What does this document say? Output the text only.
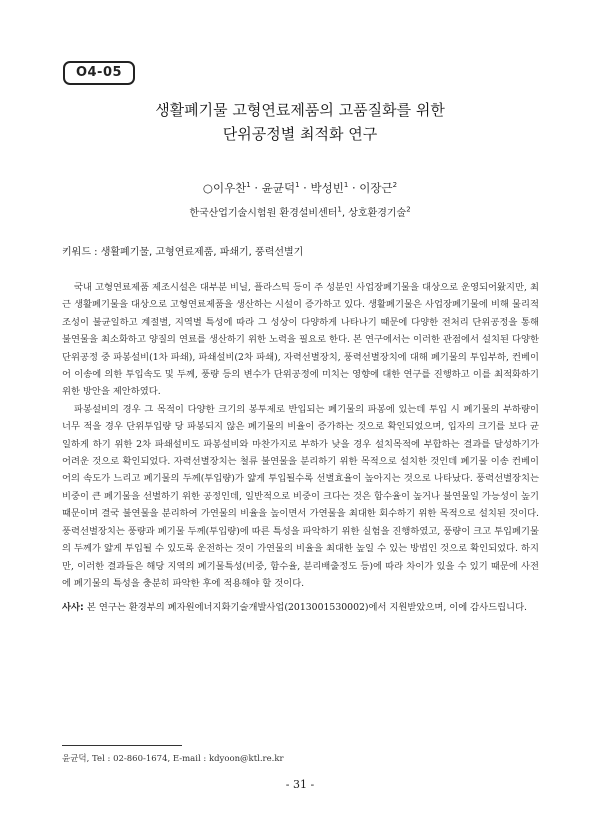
O4-05
생활폐기물 고형연료제품의 고품질화를 위한
단위공정별 최적화 연구
○이우찬$^1$ · 윤균덕$^1$ · 박성빈$^1$ · 이장근$^2$
한국산업기술시험원 환경설비센터$^1$, 상호환경기술$^2$
키워드 : 생활폐기물, 고형연료제품, 파쇄기, 풍력선별기

국내 고형연료제품 제조시설은 대부분 비닐, 플라스틱 등이 주 성분인 사업장폐기물을 대상으로 운영되어왔지만, 최근 생활폐기물을 대상으로 고형연료제품을 생산하는 시설이 증가하고 있다. 생활폐기물은 사업장폐기물에 비해 물리적 조성이 불균일하고 계절별, 지역별 특성에 따라 그 성상이 다양하게 나타나기 때문에 다양한 전처리 단위공정을 통해 불연물을 최소화하고 양질의 연료를 생산하기 위한 노력을 필요로 한다. 본 연구에서는 이러한 관점에서 설치된 다양한 단위공정 중 파봉설비(1차 파쇄), 파쇄설비(2차 파쇄), 자력선별장치, 풍력선별장치에 대해 폐기물의 투입부하, 컨베이어 이송에 의한 투입속도 및 두께, 풍량 등의 변수가 단위공정에 미치는 영향에 대한 연구를 진행하고 이를 최적화하기 위한 방안을 제안하였다.

파봉설비의 경우 그 목적이 다양한 크기의 봉투제로 반입되는 폐기물의 파봉에 있는데 투입 시 폐기물의 부하량이 너무 적을 경우 단위투입량 당 파봉되지 않은 폐기물의 비율이 증가하는 것으로 확인되었으며, 입자의 크기를 보다 균일하게 하기 위한 2차 파쇄설비도 파봉설비와 마찬가지로 부하가 낮을 경우 설치목적에 부합하는 결과를 달성하기가 어려운 것으로 확인되었다. 자력선별장치는 철류 불연물을 분리하기 위한 목적으로 설치한 것인데 폐기물 이송 컨베이어의 속도가 느리고 폐기물의 두께(투입량)가 얇게 투입될수록 선별효율이 높아지는 것으로 나타났다. 풍력선별장치는 비중이 큰 폐기물을 선별하기 위한 공정인데, 일반적으로 비중이 크다는 것은 함수율이 높거나 불연물일 가능성이 높기 때문이며 결국 불연물을 분리하여 가연물의 비율을 높이면서 가연물을 최대한 회수하기 위한 목적으로 설치된 것이다. 풍력선별장치는 풍량과 폐기물 두께(투입량)에 따른 특성을 파악하기 위한 실험을 진행하였고, 풍량이 크고 투입폐기물의 두께가 얇게 투입될 수 있도록 운전하는 것이 가연물의 비율을 최대한 높일 수 있는 방법인 것으로 확인되었다. 하지만, 이러한 결과들은 해당 지역의 폐기물특성(비중, 함수율, 분리배출정도 등)에 따라 차이가 있을 수 있기 때문에 사전에 폐기물의 특성을 충분히 파악한 후에 적용해야 할 것이다.

사사: 본 연구는 환경부의 폐자원에너지화기술개발사업(2013001530002)에서 지원받았으며, 이에 감사드립니다.
윤균덕, Tel : 02-860-1674, E-mail : kdyoon@ktl.re.kr
- 31 -
